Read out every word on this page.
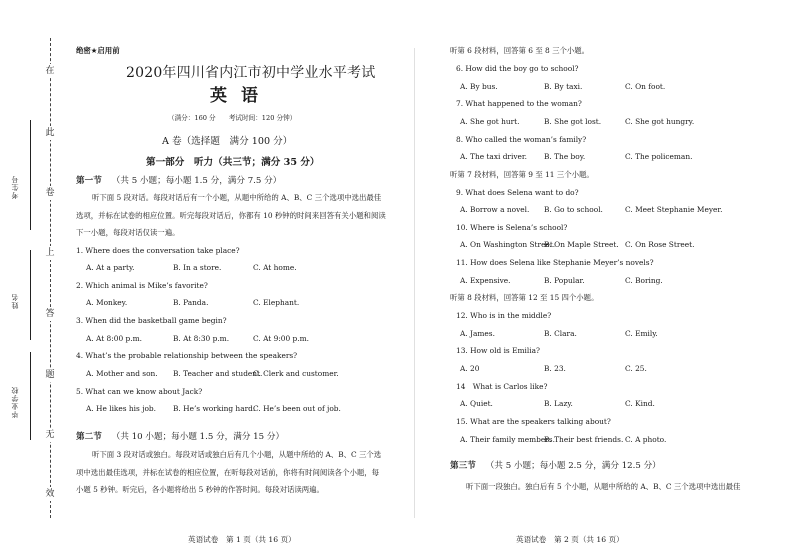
在
此
卷
上
答
题
无
效
考生号
姓名
毕业学校
绝密★启用前
2020年四川省内江市初中学业水平考试
英语
（满分：160 分　　考试时间：120 分钟）
A 卷（选择题　满分 100 分）
第一部分　听力（共三节；满分 35 分）
第一节 （共 5 小题；每小题 1.5 分，满分 7.5 分）
听下面 5 段对话。每段对话后有一个小题，从题中所给的 A、B、C 三个选项中选出最佳选项，并标在试卷的相应位置。听完每段对话后，你都有 10 秒钟的时间来回答有关小题和阅读下一小题，每段对话仅读一遍。
1. Where does the conversation take place?
A. At a party.	B. In a store.	C. At home.
2. Which animal is Mike’s favorite?
A. Monkey.	B. Panda.	C. Elephant.
3. When did the basketball game begin?
A. At 8:00 p.m.	B. At 8:30 p.m.	C. At 9:00 p.m.
4. What’s the probable relationship between the speakers?
A. Mother and son. B. Teacher and student.
C. Clerk and customer.
5. What can we know about Jack?
A. He likes his job. B. He’s working hard.
C. He’s been out of job.
第二节 （共 10 小题；每小题 1.5 分，满分 15 分）
听下面 3 段对话或独白。每段对话或独白后有几个小题，从题中所给的 A、B、C 三个选项中选出最佳选项，并标在试卷的相应位置，在听每段对话前，你将有时间阅读各个小题，每小题 5 秒钟。听完后，各小题将给出 5 秒钟的作答时间。每段对话读两遍。
英语试卷　 第 1 页（共 16 页）
听第 6 段材料，回答第 6 至 8 三个小题。
6. How did the boy go to school?
A. By bus.	B. By taxi.	C. On foot.
7. What happened to the woman?
A. She got hurt.	B. She got lost.	C. She got hungry.
8. Who called the woman’s family?
A. The taxi driver. B. The boy.	C. The policeman.
听第 7 段材料，回答第 9 至 11 三个小题。
9. What does Selena want to do?
A. Borrow a novel. B. Go to school.	C. Meet Stephanie Meyer.
10. Where is Selena’s school?
A. On Washington Street.
B. On Maple Street. C. On Rose Street.
11. How does Selena like Stephanie Meyer’s novels?
A. Expensive.	B. Popular.	C. Boring.
听第 8 段材料，回答第 12 至 15 四个小题。
12. Who is in the middle?
A. James.	B. Clara.	C. Emily.
13. How old is Emilia?
A. 20	B. 23.	C. 25.
14　What is Carlos like?
A. Quiet.	B. Lazy.	C. Kind.
15. What are the speakers talking about?
A. Their family members.
B. Their best friends. C. A photo.
第三节 （共 5 小题；每小题 2.5 分，满分 12.5 分）
听下面一段独白。独白后有 5 个小题，从题中所给的 A、B、C 三个选项中选出最佳
英语试卷　 第 2 页（共 16 页）
